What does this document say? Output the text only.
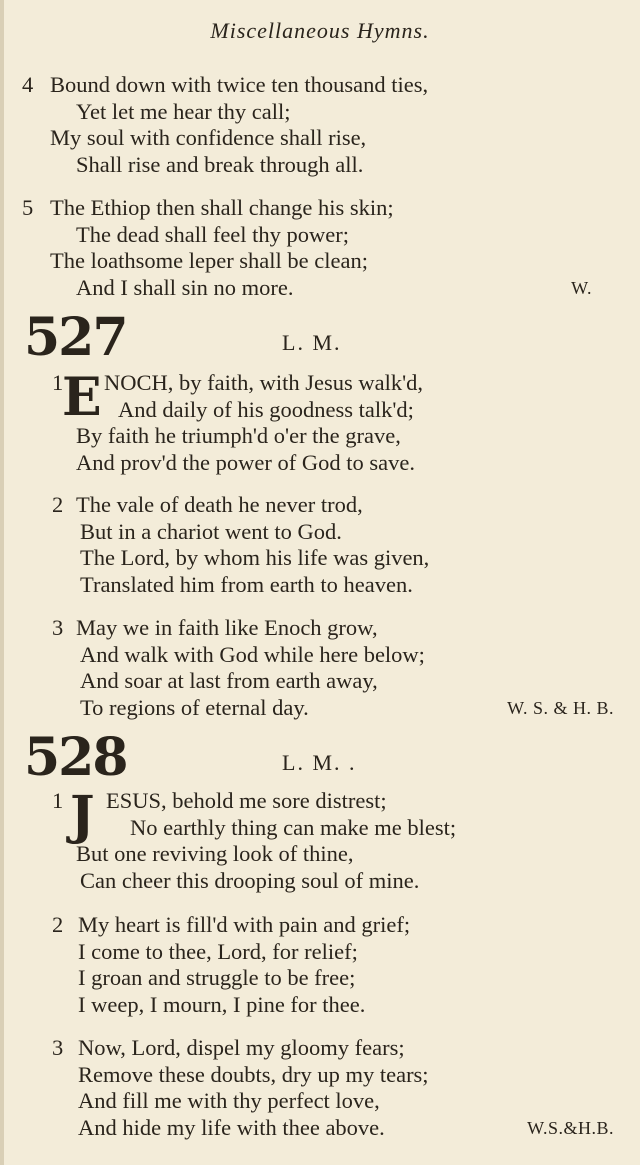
Miscellaneous Hymns.
4 Bound down with twice ten thousand ties,
Yet let me hear thy call;
My soul with confidence shall rise,
Shall rise and break through all.
5 The Ethiop then shall change his skin;
The dead shall feel thy power;
The loathsome leper shall be clean;
And I shall sin no more.	W.
527	L. M.
1
E NOCH, by faith, with Jesus walk'd,
And daily of his goodness talk'd;
By faith he triumph'd o'er the grave,
And prov'd the power of God to save.
2 The vale of death he never trod,
But in a chariot went to God.
The Lord, by whom his life was given,
Translated him from earth to heaven.
3 May we in faith like Enoch grow,
And walk with God while here below;
And soar at last from earth away,
To regions of eternal day.	W. S. & H. B.
528	L. M. .
1 J ESUS, behold me sore distrest;
No earthly thing can make me blest;
But one reviving look of thine,
Can cheer this drooping soul of mine.
2 My heart is fill'd with pain and grief;
I come to thee, Lord, for relief;
I groan and struggle to be free;
I weep, I mourn, I pine for thee.
3 Now, Lord, dispel my gloomy fears;
Remove these doubts, dry up my tears;
And fill me with thy perfect love,
And hide my life with thee above.	W.S.&H.B.
